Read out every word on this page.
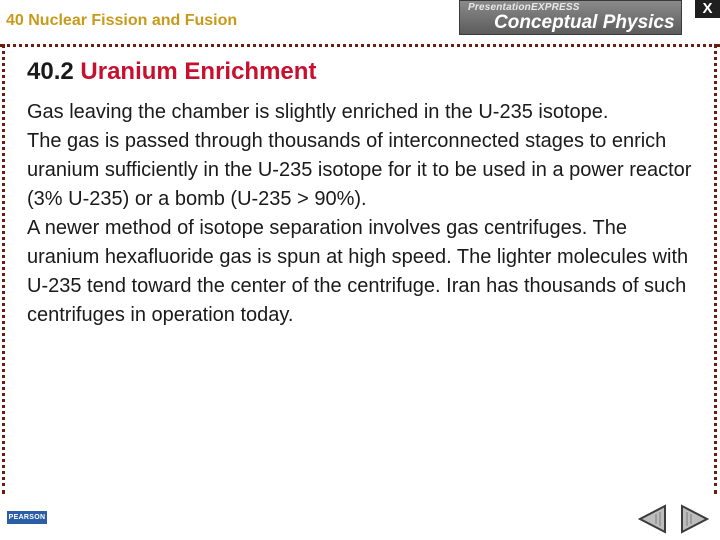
40 Nuclear Fission and Fusion
PresentationEXPRESS
Conceptual Physics
X
40.2 Uranium Enrichment

Gas leaving the chamber is slightly enriched in the U-235 isotope.

The gas is passed through thousands of interconnected stages to enrich uranium sufficiently in the U-235 isotope for it to be used in a power reactor (3% U-235) or a bomb (U-235 > 90%).

A newer method of isotope separation involves gas centrifuges. The uranium hexafluoride gas is spun at high speed. The lighter molecules with U-235 tend toward the center of the centrifuge. Iran has thousands of such centrifuges in operation today.

PEARSON
